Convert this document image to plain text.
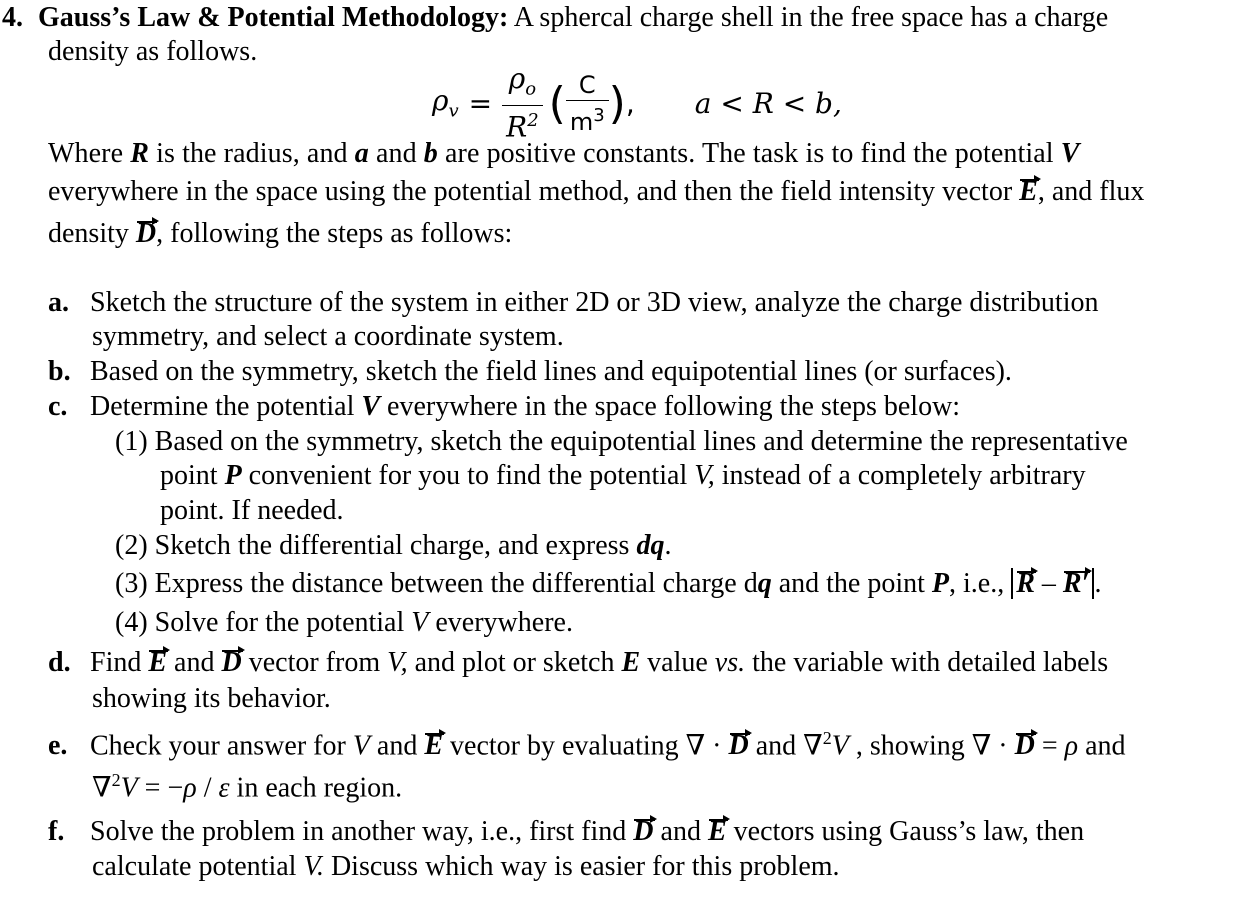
4. Gauss’s Law & Potential Methodology: A sphercal charge shell in the free space has a charge
density as follows.
$\rho_v = \frac{\rho_o}{R^2}$ ( $\frac{C}{m^3}$ ) , a < R < b,
Where R is the radius, and a and b are positive constants. The task is to find the potential V
everywhere in the space using the potential method, and then the field intensity vector E, and flux
density D, following the steps as follows:
a. Sketch the structure of the system in either 2D or 3D view, analyze the charge distribution
symmetry, and select a coordinate system.
b. Based on the symmetry, sketch the field lines and equipotential lines (or surfaces).
c. Determine the potential V everywhere in the space following the steps below:
(1) Based on the symmetry, sketch the equipotential lines and determine the representative
point P convenient for you to find the potential V, instead of a completely arbitrary
point. If needed.
(2) Sketch the differential charge, and express dq.
(3) Express the distance between the differential charge dq and the point P, i.e., R – R′ .
(4) Solve for the potential V everywhere.
d. Find E and D vector from V, and plot or sketch E value vs. the variable with detailed labels
showing its behavior.
e. Check your answer for V and E vector by evaluating ∇ · D and ∇$^2$V , showing ∇ · D = ρ and
∇$^2$V = −ρ / ε in each region.
f. Solve the problem in another way, i.e., first find D and E vectors using Gauss’s law, then
calculate potential V. Discuss which way is easier for this problem.
